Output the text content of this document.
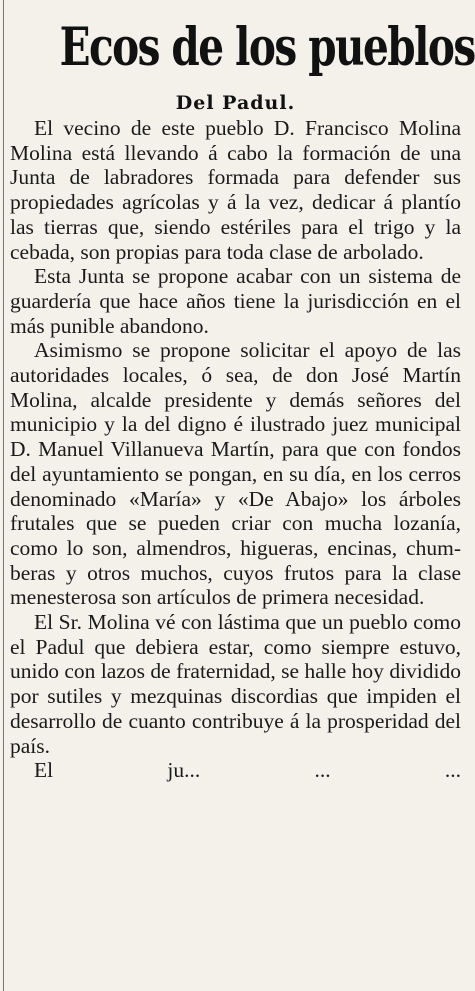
Ecos de los pueblos
Del Padul.

El vecino de este pueblo D. Francisco Molina Molina está llevando á cabo la formación de una Junta de labradores formada para defender sus propiedades agrícolas y á la vez, dedicar á plantío las tierras que, siendo estériles para el trigo y la cebada, son propias para toda clase de arbolado.

Esta Junta se propone acabar con un sistema de guardería que hace años tiene la jurisdicción en el más punible abandono.

Asimismo se propone solicitar el apoyo de las autoridades locales, ó sea, de don José Martín Molina, alcalde presidente y demás señores del municipio y la del digno é ilustrado juez municipal D. Manuel Villanueva Martín, para que con fondos del ayuntamiento se pongan, en su día, en los cerros denominado «María» y «De Abajo» los árboles frutales que se pueden criar con mucha lozanía, como lo son, almendros, higueras, encinas, chumberas y otros muchos, cuyos frutos para la clase menesterosa son artículos de primera necesidad.

El Sr. Molina vé con lástima que un pueblo como el Padul que debiera estar, como siempre estuvo, unido con lazos de fraternidad, se halle hoy dividido por sutiles y mezquinas discordias que impiden el desarrollo de cuanto contribuye á la prosperidad del país.

El ju... ... ...
